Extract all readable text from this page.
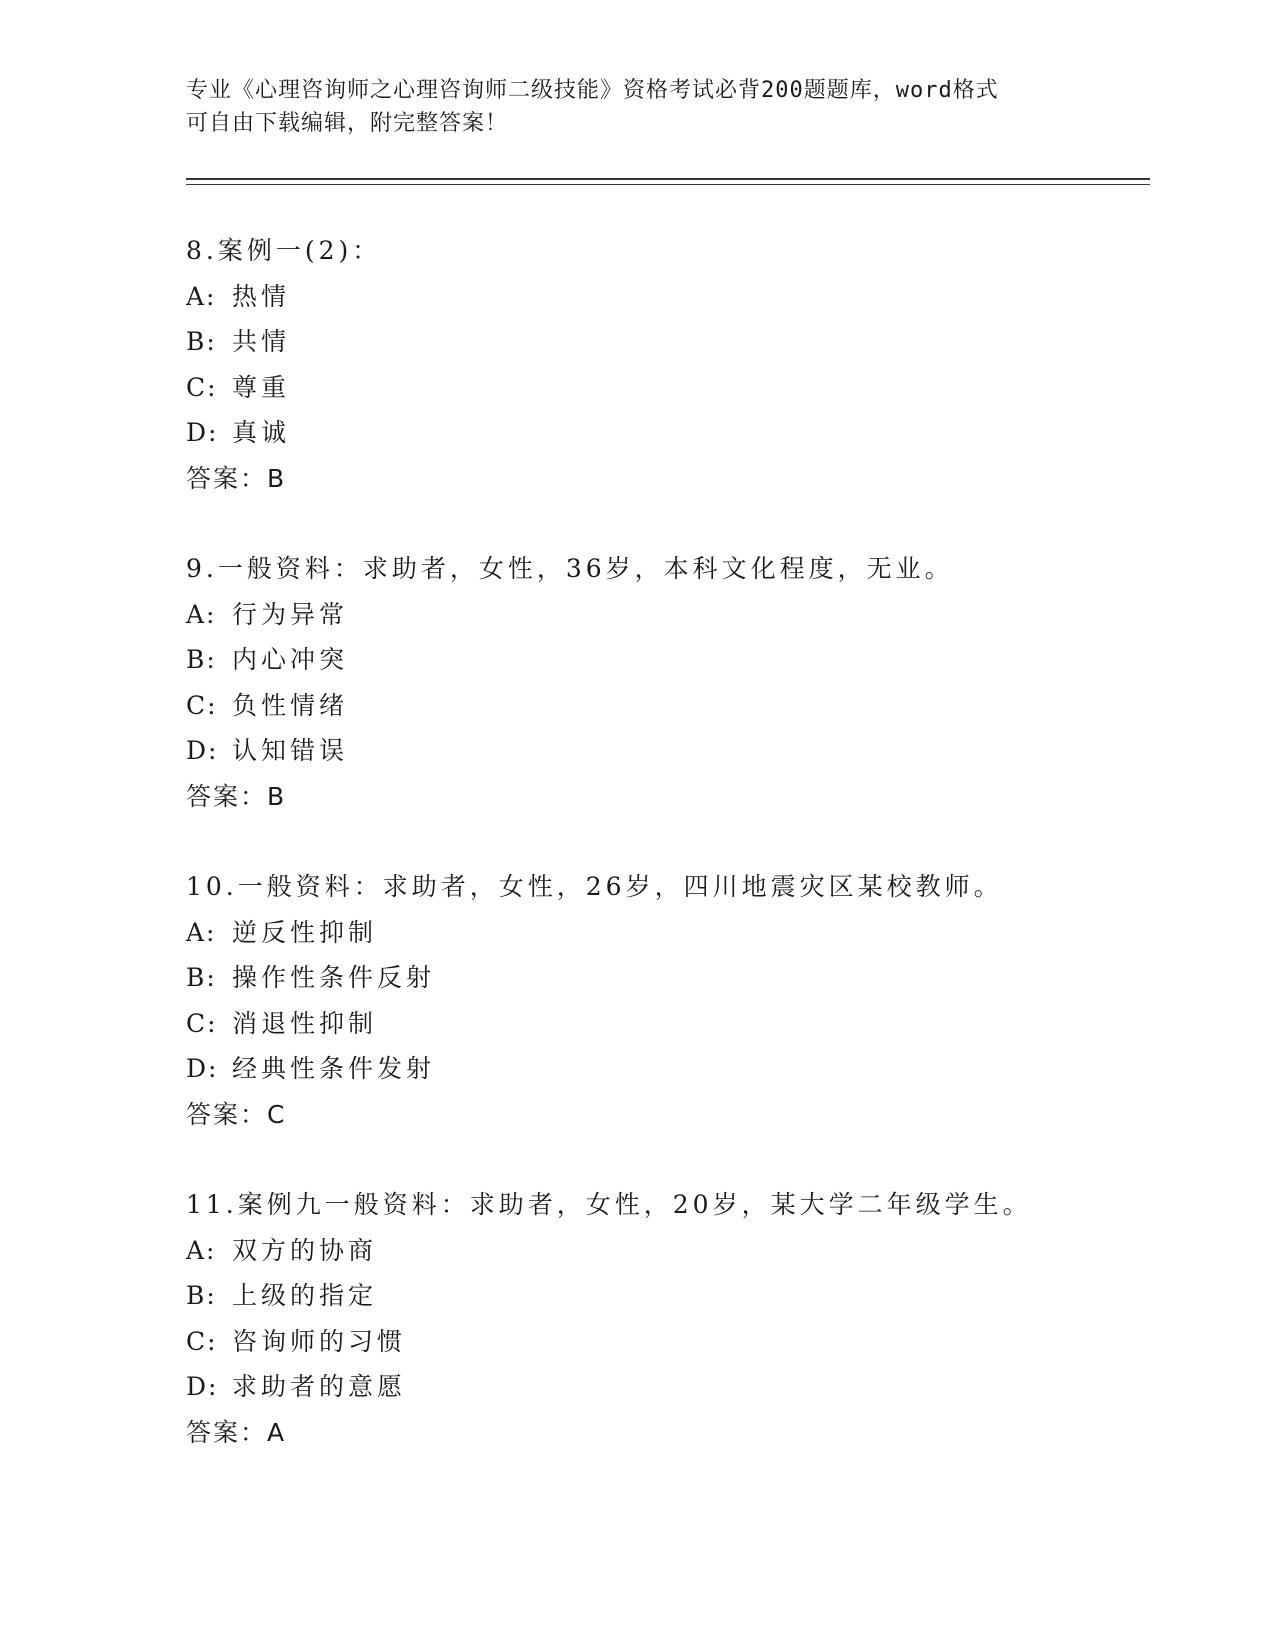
专业《心理咨询师之心理咨询师二级技能》资格考试必背200题题库，word格式
可自由下载编辑，附完整答案！
8.案例一(2)：
A: 热情
B: 共情
C: 尊重
D: 真诚
答案：B
9.一般资料：求助者，女性，36岁，本科文化程度，无业。
A: 行为异常
B: 内心冲突
C: 负性情绪
D: 认知错误
答案：B
10.一般资料：求助者，女性，26岁，四川地震灾区某校教师。
A: 逆反性抑制
B: 操作性条件反射
C: 消退性抑制
D: 经典性条件发射
答案：C
11.案例九一般资料：求助者，女性，20岁，某大学二年级学生。
A: 双方的协商
B: 上级的指定
C: 咨询师的习惯
D: 求助者的意愿
答案：A
